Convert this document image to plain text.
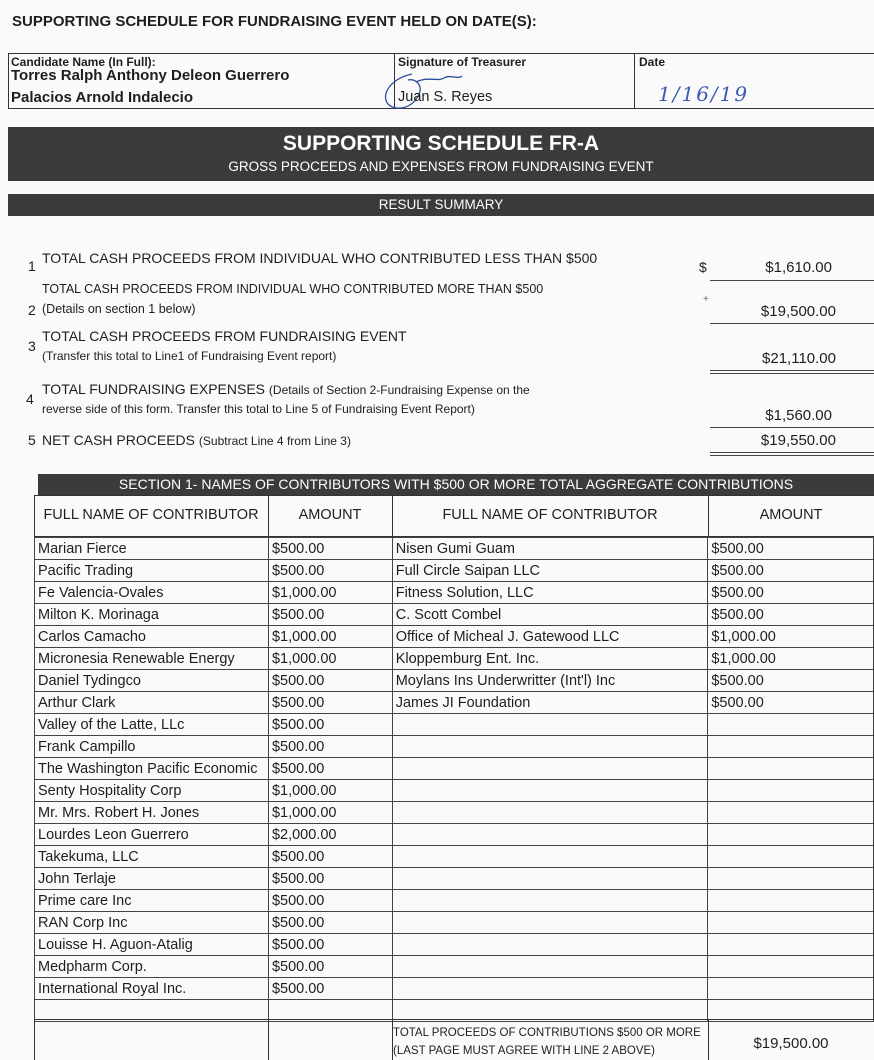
SUPPORTING SCHEDULE FOR FUNDRAISING EVENT HELD ON DATE(S):
Candidate Name (In Full):
Torres Ralph Anthony Deleon Guerrero
Palacios Arnold Indalecio
Signature of Treasurer
Juan S. Reyes
Date
1/16/19
SUPPORTING SCHEDULE FR-A
GROSS PROCEEDS AND EXPENSES FROM FUNDRAISING EVENT
RESULT SUMMARY
1 TOTAL CASH PROCEEDS FROM INDIVIDUAL WHO CONTRIBUTED LESS THAN $500
$	$1,610.00
TOTAL CASH PROCEEDS FROM INDIVIDUAL WHO CONTRIBUTED MORE THAN $500
2 (Details on section 1 below)
+
$19,500.00
3
TOTAL CASH PROCEEDS FROM FUNDRAISING EVENT
(Transfer this total to Line1 of Fundraising Event report)	$21,110.00
4
TOTAL FUNDRAISING EXPENSES (Details of Section 2-Fundraising Expense on the
reverse side of this form. Transfer this total to Line 5 of Fundraising Event Report)	$1,560.00
5 NET CASH PROCEEDS (Subtract Line 4 from Line 3)	$19,550.00
SECTION 1- NAMES OF CONTRIBUTORS WITH $500 OR MORE TOTAL AGGREGATE CONTRIBUTIONS
FULL NAME OF CONTRIBUTOR	AMOUNT	FULL NAME OF CONTRIBUTOR	AMOUNT
Marian Fierce	$500.00	Nisen Gumi Guam	$500.00
Pacific Trading	$500.00	Full Circle Saipan LLC	$500.00
Fe Valencia-Ovales	$1,000.00	Fitness Solution, LLC	$500.00
Milton K. Morinaga	$500.00	C. Scott Combel	$500.00
Carlos Camacho	$1,000.00	Office of Micheal J. Gatewood LLC	$1,000.00
Micronesia Renewable Energy	$1,000.00	Kloppemburg Ent. Inc.	$1,000.00
Daniel Tydingco	$500.00	Moylans Ins Underwritter (Int'l) Inc	$500.00
Arthur Clark	$500.00	James JI Foundation	$500.00
Valley of the Latte, LLc	$500.00		
Frank Campillo	$500.00		
The Washington Pacific Economic	$500.00		
Senty Hospitality Corp	$1,000.00		
Mr. Mrs. Robert H. Jones	$1,000.00		
Lourdes Leon Guerrero	$2,000.00		
Takekuma, LLC	$500.00		
John Terlaje	$500.00		
Prime care Inc	$500.00		
RAN Corp Inc	$500.00		
Louisse H. Aguon-Atalig	$500.00		
Medpharm Corp.	$500.00		
International Royal Inc.	$500.00		

TOTAL PROCEEDS OF CONTRIBUTIONS $500 OR MORE
(LAST PAGE MUST AGREE WITH LINE 2 ABOVE)	$19,500.00
